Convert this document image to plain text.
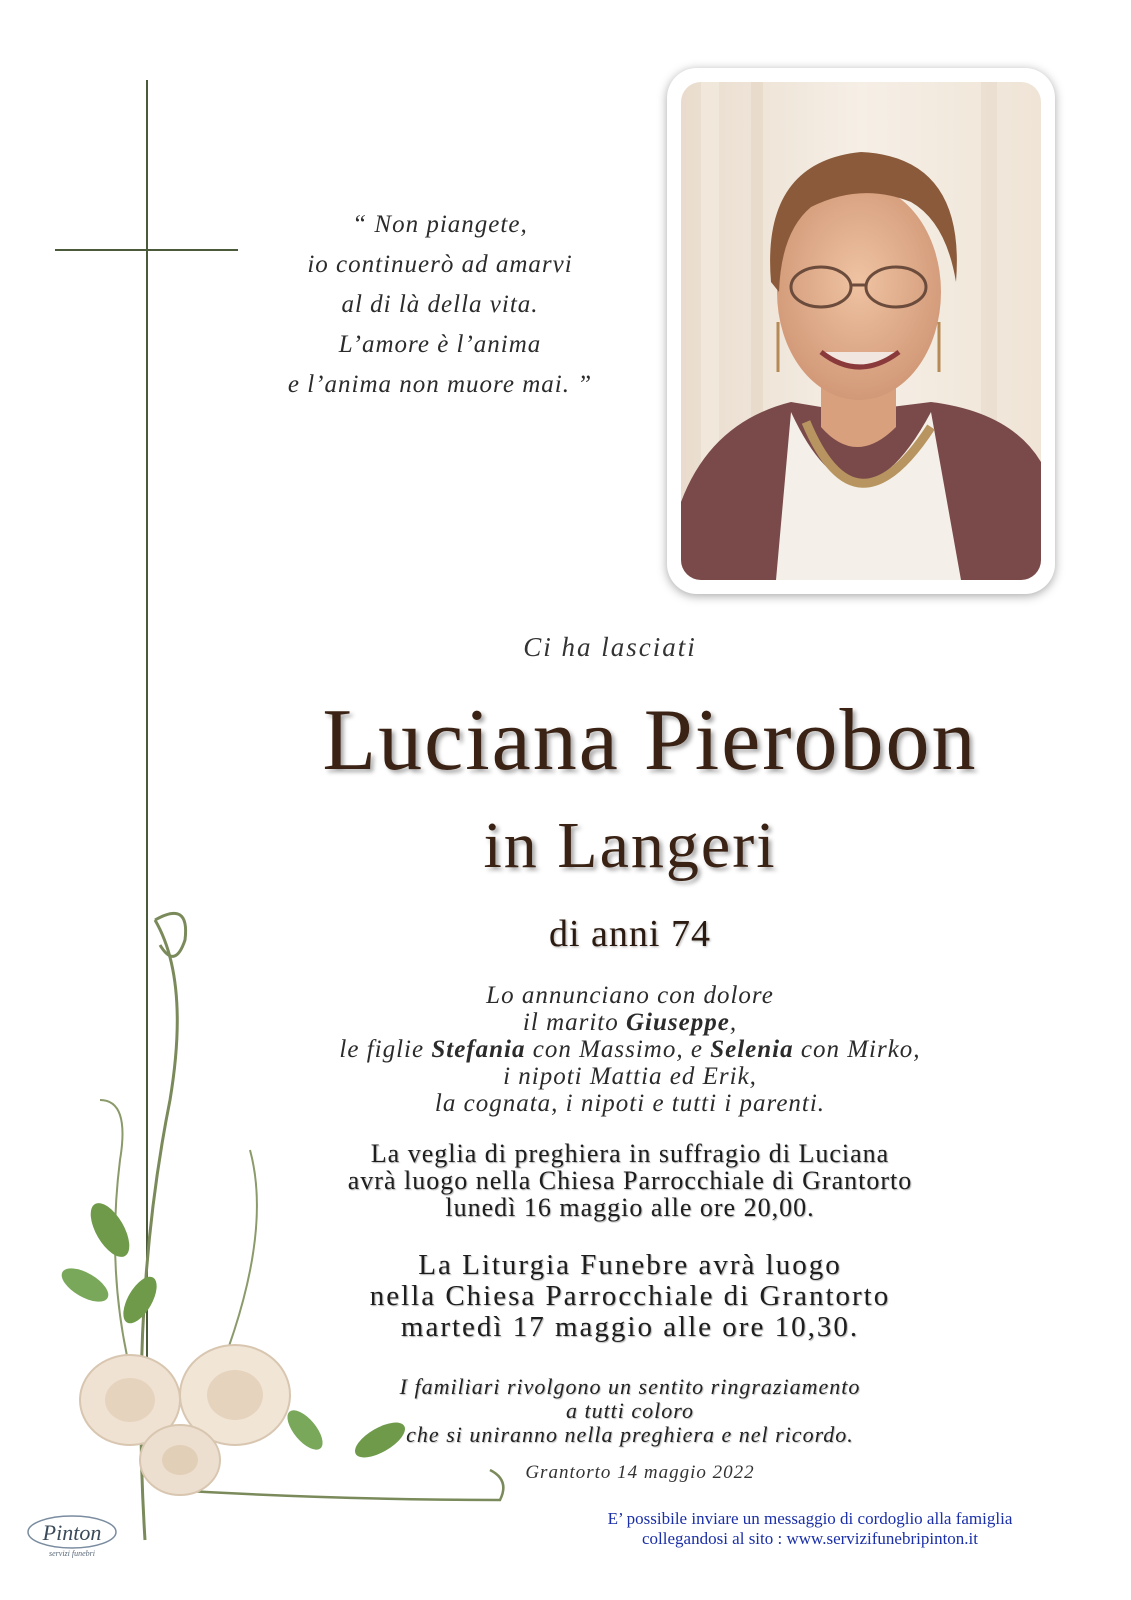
“ Non piangete,
io continuerò ad amarvi
al di là della vita.
L’amore è l’anima
e l’anima non muore mai. ”
Ci ha lasciati
Luciana Pierobon
in Langeri
di anni 74
Lo annunciano con dolore
il marito Giuseppe,
le figlie Stefania con Massimo, e Selenia con Mirko,
i nipoti Mattia ed Erik,
la cognata, i nipoti e tutti i parenti.
La veglia di preghiera in suffragio di Luciana
avrà luogo nella Chiesa Parrocchiale di Grantorto
lunedì 16 maggio alle ore 20,00.
La Liturgia Funebre avrà luogo
nella Chiesa Parrocchiale di Grantorto
martedì 17 maggio alle ore 10,30.
I familiari rivolgono un sentito ringraziamento
a tutti coloro
che si uniranno nella preghiera e nel ricordo.
Grantorto 14 maggio 2022
E’ possibile inviare un messaggio di cordoglio alla famiglia
collegandosi al sito : www.servizifunebripinton.it
Pinton
servizi funebri
